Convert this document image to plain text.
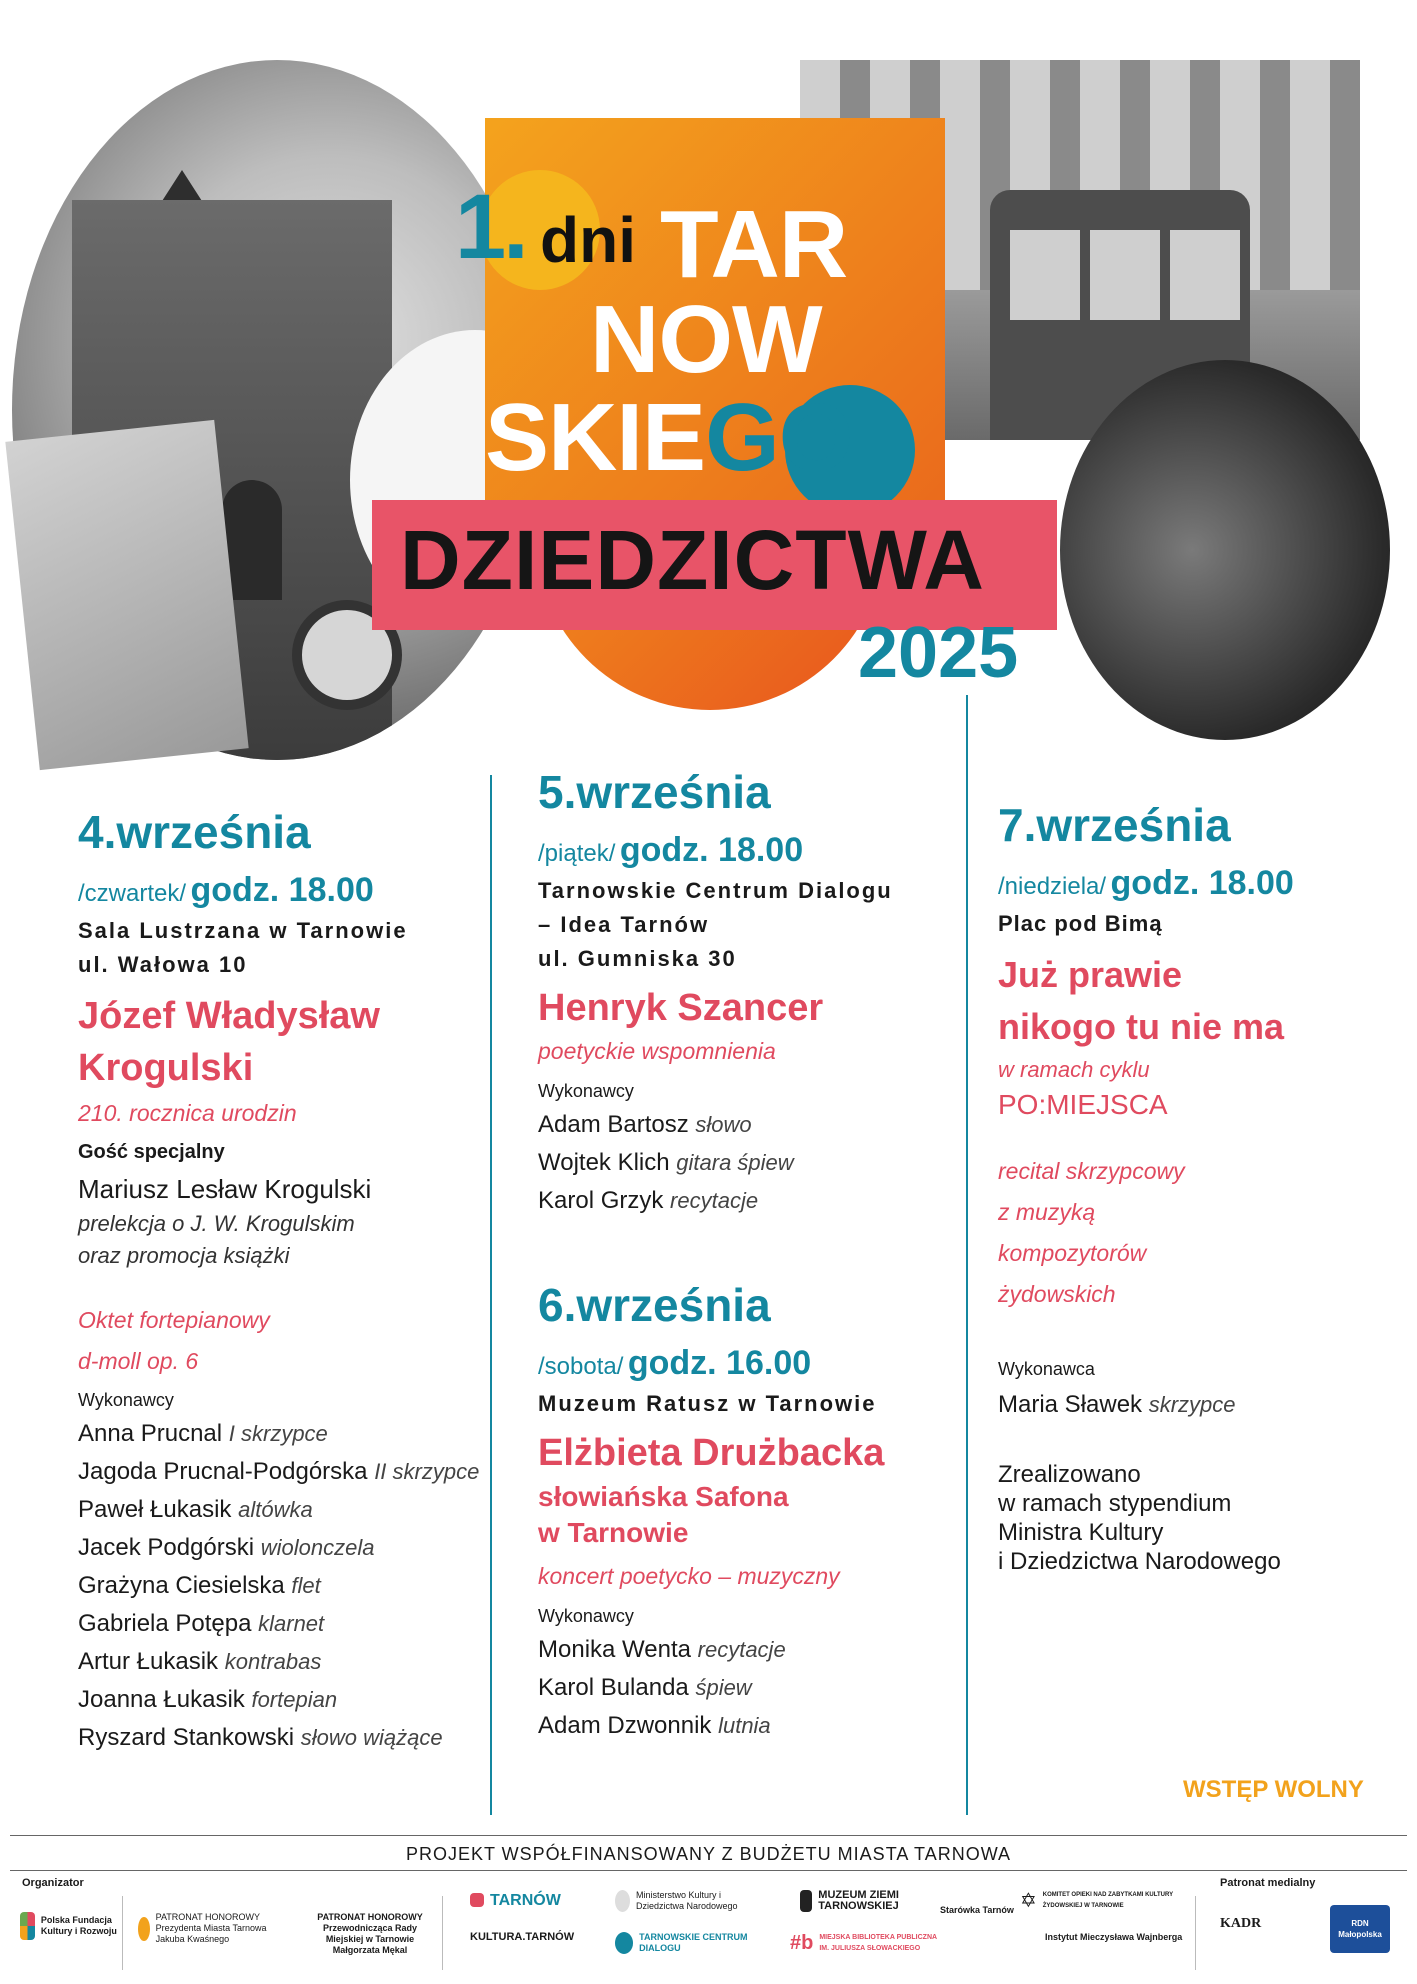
1. dni TAR
NOW
SKIEGO
DZIEDZICTWA
2025
4.września
/czwartek/ godz. 18.00
Sala Lustrzana w Tarnowie
ul. Wałowa 10
Józef Władysław
Krogulski
210. rocznica urodzin
Gość specjalny
Mariusz Lesław Krogulski
prelekcja o J. W. Krogulskim
oraz promocja książki
Oktet fortepianowy
d-moll op. 6
Wykonawcy
Anna Prucnal I skrzypce
Jagoda Prucnal-Podgórska II skrzypce
Paweł Łukasik altówka
Jacek Podgórski wiolonczela
Grażyna Ciesielska flet
Gabriela Potępa klarnet
Artur Łukasik kontrabas
Joanna Łukasik fortepian
Ryszard Stankowski słowo wiążące
5.września
/piątek/ godz. 18.00
Tarnowskie Centrum Dialogu
– Idea Tarnów
ul. Gumniska 30
Henryk Szancer
poetyckie wspomnienia
Wykonawcy
Adam Bartosz słowo
Wojtek Klich gitara śpiew
Karol Grzyk recytacje
6.września
/sobota/ godz. 16.00
Muzeum Ratusz w Tarnowie
Elżbieta Drużbacka
słowiańska Safona
w Tarnowie
koncert poetycko – muzyczny
Wykonawcy
Monika Wenta recytacje
Karol Bulanda śpiew
Adam Dzwonnik lutnia
7.września
/niedziela/ godz. 18.00
Plac pod Bimą
Już prawie
nikogo tu nie ma
w ramach cyklu
PO:MIEJSCA
recital skrzypcowy
z muzyką
kompozytorów
żydowskich
Wykonawca
Maria Sławek skrzypce
Zrealizowano
w ramach stypendium
Ministra Kultury
i Dziedzictwa Narodowego
WSTĘP WOLNY
PROJEKT WSPÓŁFINANSOWANY Z BUDŻETU MIASTA TARNOWA
Organizator	Patronat medialny
Polska Fundacja Kultury i Rozwoju
PATRONAT HONOROWY Prezydenta Miasta Tarnowa Jakuba Kwaśnego
PATRONAT HONOROWY Przewodnicząca Rady Miejskiej w Tarnowie Małgorzata Mękal
TARNÓW
KULTURA.TARNÓW
Ministerstwo Kultury i Dziedzictwa Narodowego
TARNOWSKIE CENTRUM DIALOGU
MUZEUM ZIEMI TARNOWSKIEJ
#b MIEJSKA BIBLIOTEKA PUBLICZNA IM. JULIUSZA SŁOWACKIEGO
Starówka Tarnów ✡ KOMITET OPIEKI NAD ZABYTKAMI KULTURY ŻYDOWSKIEJ W TARNOWIE
Instytut Mieczysława Wajnberga
KADR	RDN Małopolska
